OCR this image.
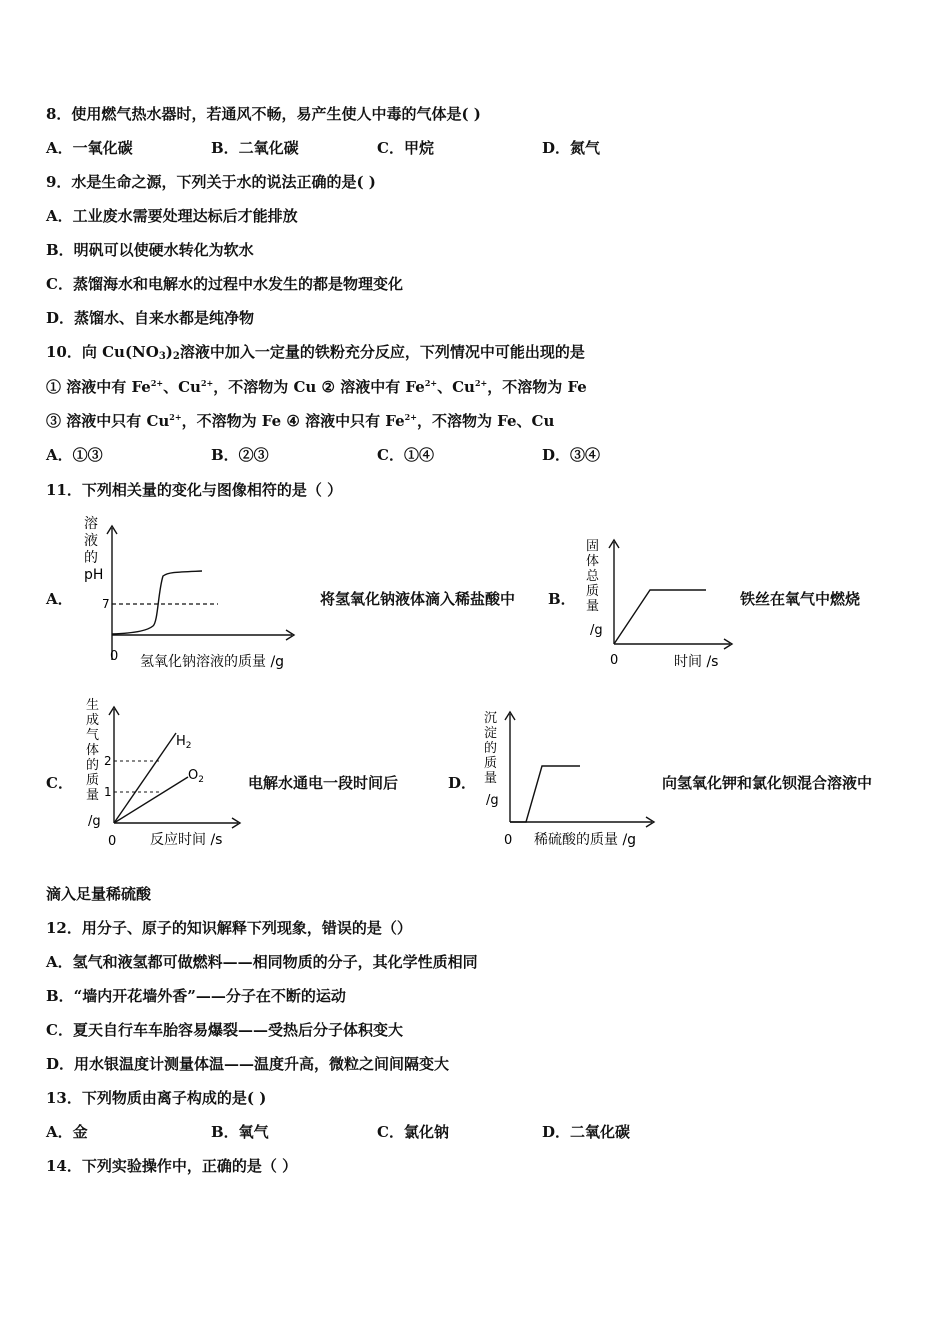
8．使用燃气热水器时，若通风不畅，易产生使人中毒的气体是( )
A．一氧化碳	B．二氧化碳	C．甲烷	D．氮气
9．水是生命之源，下列关于水的说法正确的是( )
A．工业废水需要处理达标后才能排放
B．明矾可以使硬水转化为软水
C．蒸馏海水和电解水的过程中水发生的都是物理变化
D．蒸馏水、自来水都是纯净物
10．向 $Cu(NO_3)_2$溶液中加入一定量的铁粉充分反应，下列情况中可能出现的是
① 溶液中有 $Fe^{2+}$、$Cu^{2+}$，不溶物为 Cu ② 溶液中有 $Fe^{2+}$、$Cu^{2+}$，不溶物为 Fe
③ 溶液中只有 $Cu^{2+}$，不溶物为 Fe ④ 溶液中只有 $Fe^{2+}$，不溶物为 Fe、Cu
A．①③	B．②③	C．①④	D．③④
11．下列相关量的变化与图像相符的是（ ）
A．
溶
液
的
pH
7
0 氢氧化钠溶液的质量 /g
将氢氧化钠液体滴入稀盐酸中 B．
固
体
总
质
量
/g
0	时间 /s
铁丝在氧气中燃烧
C．
$H_2$
$O_2$
2
1
生
成
气
体
的
质
量
/g
0 反应时间 /s
电解水通电一段时间后	D．
沉
淀
的
质
量
/g
0 稀硫酸的质量 /g
向氢氧化钾和氯化钡混合溶液中
滴入足量稀硫酸
12．用分子、原子的知识解释下列现象，错误的是（）
A．氢气和液氢都可做燃料——相同物质的分子，其化学性质相同
B．“墙内开花墙外香”——分子在不断的运动
C．夏天自行车车胎容易爆裂——受热后分子体积变大
D．用水银温度计测量体温——温度升高，微粒之间间隔变大
13．下列物质由离子构成的是( )
A．金	B．氧气	C．氯化钠	D．二氧化碳
14．下列实验操作中，正确的是（ ）
